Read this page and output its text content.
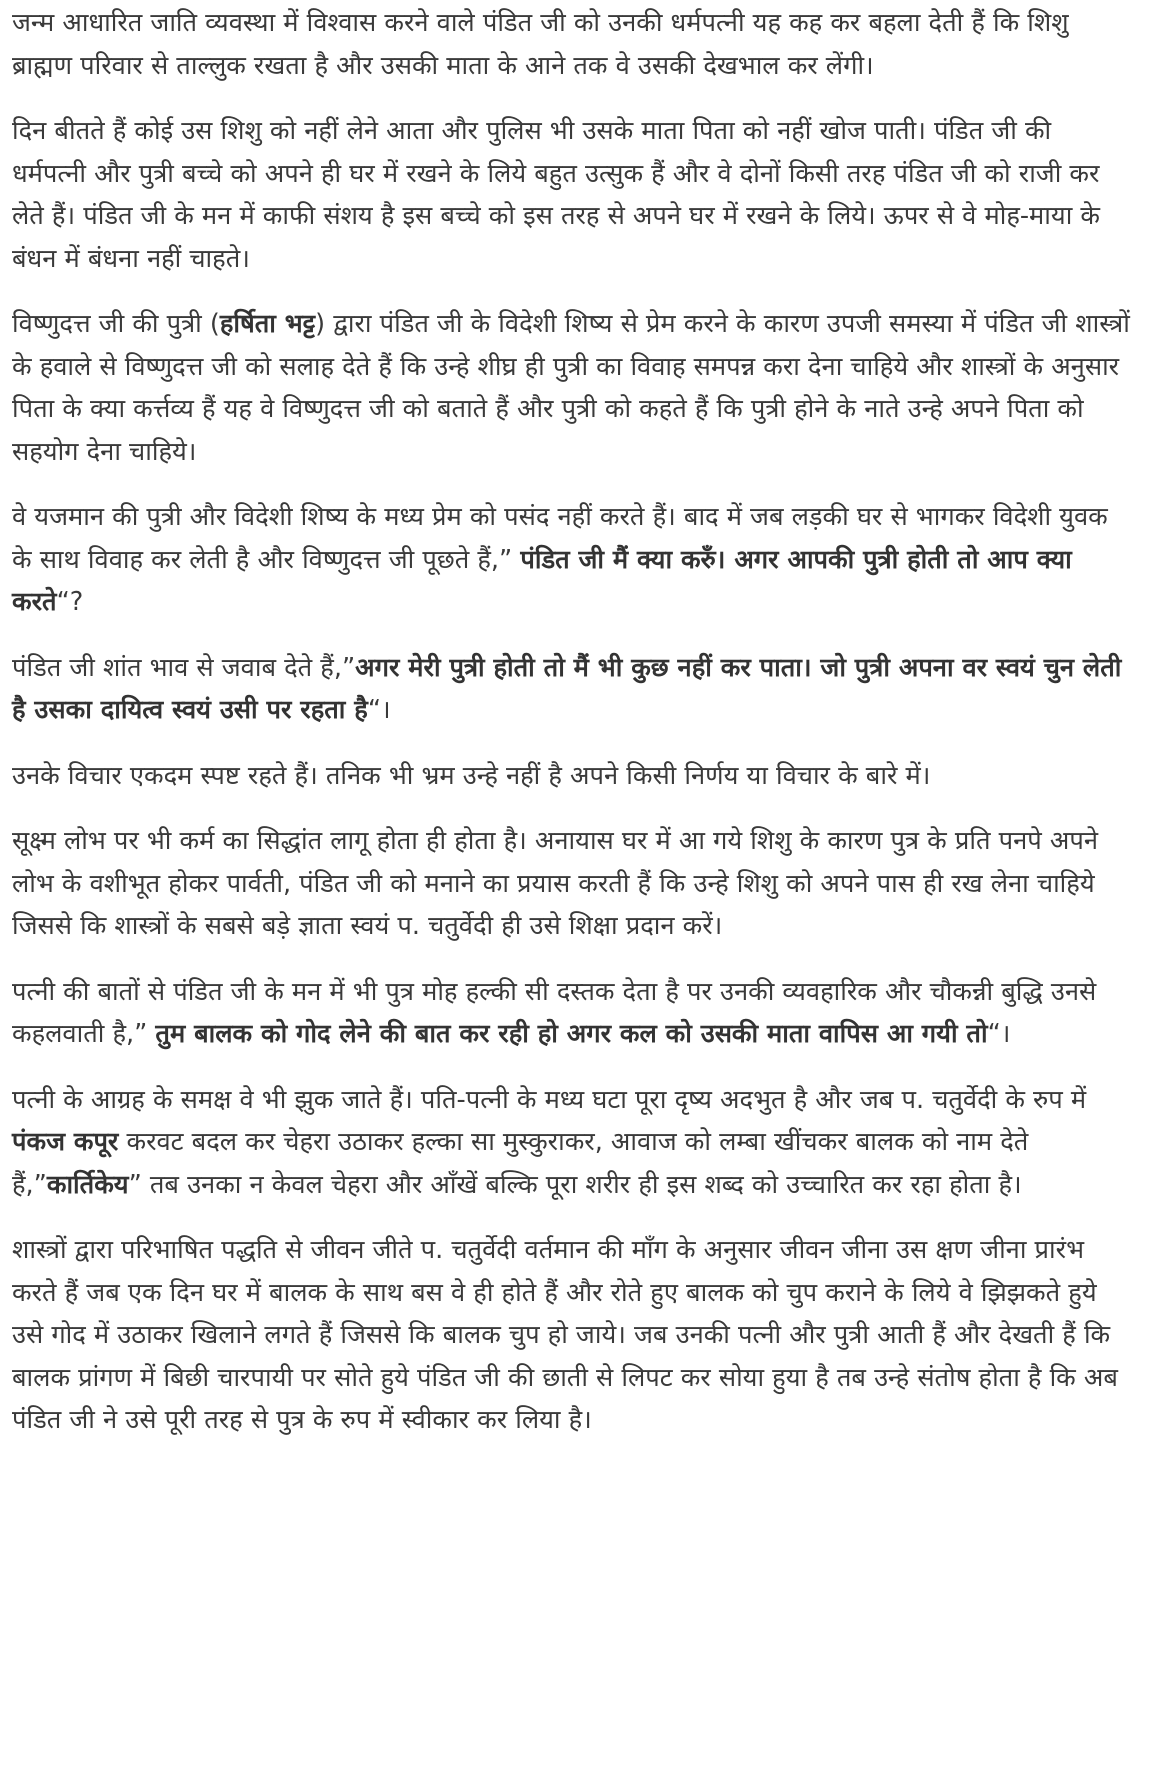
जन्म आधारित जाति व्यवस्था में विश्वास करने वाले पंडित जी को उनकी धर्मपत्नी यह कह कर बहला देती हैं कि शिशु ब्राह्मण परिवार से ताल्लुक रखता है और उसकी माता के आने तक वे उसकी देखभाल कर लेंगी।

दिन बीतते हैं कोई उस शिशु को नहीं लेने आता और पुलिस भी उसके माता पिता को नहीं खोज पाती। पंडित जी की धर्मपत्नी और पुत्री बच्चे को अपने ही घर में रखने के लिये बहुत उत्सुक हैं और वे दोनों किसी तरह पंडित जी को राजी कर लेते हैं। पंडित जी के मन में काफी संशय है इस बच्चे को इस तरह से अपने घर में रखने के लिये। ऊपर से वे मोह-माया के बंधन में बंधना नहीं चाहते।

विष्णुदत्त जी की पुत्री (हर्षिता भट्ट) द्वारा पंडित जी के विदेशी शिष्य से प्रेम करने के कारण उपजी समस्या में पंडित जी शास्त्रों के हवाले से विष्णुदत्त जी को सलाह देते हैं कि उन्हे शीघ्र ही पुत्री का विवाह समपन्न करा देना चाहिये और शास्त्रों के अनुसार पिता के क्या कर्त्तव्य हैं यह वे विष्णुदत्त जी को बताते हैं और पुत्री को कहते हैं कि पुत्री होने के नाते उन्हे अपने पिता को सहयोग देना चाहिये।

वे यजमान की पुत्री और विदेशी शिष्य के मध्य प्रेम को पसंद नहीं करते हैं। बाद में जब लड़की घर से भागकर विदेशी युवक के साथ विवाह कर लेती है और विष्णुदत्त जी पूछते हैं,” पंडित जी मैं क्या करुँ। अगर आपकी पुत्री होती तो आप क्या करते“?

पंडित जी शांत भाव से जवाब देते हैं,”अगर मेरी पुत्री होती तो मैं भी कुछ नहीं कर पाता। जो पुत्री अपना वर स्वयं चुन लेती है उसका दायित्व स्वयं उसी पर रहता है“।

उनके विचार एकदम स्पष्ट रहते हैं। तनिक भी भ्रम उन्हे नहीं है अपने किसी निर्णय या विचार के बारे में।

सूक्ष्म लोभ पर भी कर्म का सिद्धांत लागू होता ही होता है। अनायास घर में आ गये शिशु के कारण पुत्र के प्रति पनपे अपने लोभ के वशीभूत होकर पार्वती, पंडित जी को मनाने का प्रयास करती हैं कि उन्हे शिशु को अपने पास ही रख लेना चाहिये जिससे कि शास्त्रों के सबसे बड़े ज्ञाता स्वयं प. चतुर्वेदी ही उसे शिक्षा प्रदान करें।

पत्नी की बातों से पंडित जी के मन में भी पुत्र मोह हल्की सी दस्तक देता है पर उनकी व्यवहारिक और चौकन्नी बुद्धि उनसे कहलवाती है,” तुम बालक को गोद लेने की बात कर रही हो अगर कल को उसकी माता वापिस आ गयी तो“।

पत्नी के आग्रह के समक्ष वे भी झुक जाते हैं। पति-पत्नी के मध्य घटा पूरा दृष्य अदभुत है और जब प. चतुर्वेदी के रुप में पंकज कपूर करवट बदल कर चेहरा उठाकर हल्का सा मुस्कुराकर, आवाज को लम्बा खींचकर बालक को नाम देते हैं,”कार्तिकेय” तब उनका न केवल चेहरा और आँखें बल्कि पूरा शरीर ही इस शब्द को उच्चारित कर रहा होता है।

शास्त्रों द्वारा परिभाषित पद्धति से जीवन जीते प. चतुर्वेदी वर्तमान की माँग के अनुसार जीवन जीना उस क्षण जीना प्रारंभ करते हैं जब एक दिन घर में बालक के साथ बस वे ही होते हैं और रोते हुए बालक को चुप कराने के लिये वे झिझकते हुये उसे गोद में उठाकर खिलाने लगते हैं जिससे कि बालक चुप हो जाये। जब उनकी पत्नी और पुत्री आती हैं और देखती हैं कि बालक प्रांगण में बिछी चारपायी पर सोते हुये पंडित जी की छाती से लिपट कर सोया हुया है तब उन्हे संतोष होता है कि अब पंडित जी ने उसे पूरी तरह से पुत्र के रुप में स्वीकार कर लिया है।
